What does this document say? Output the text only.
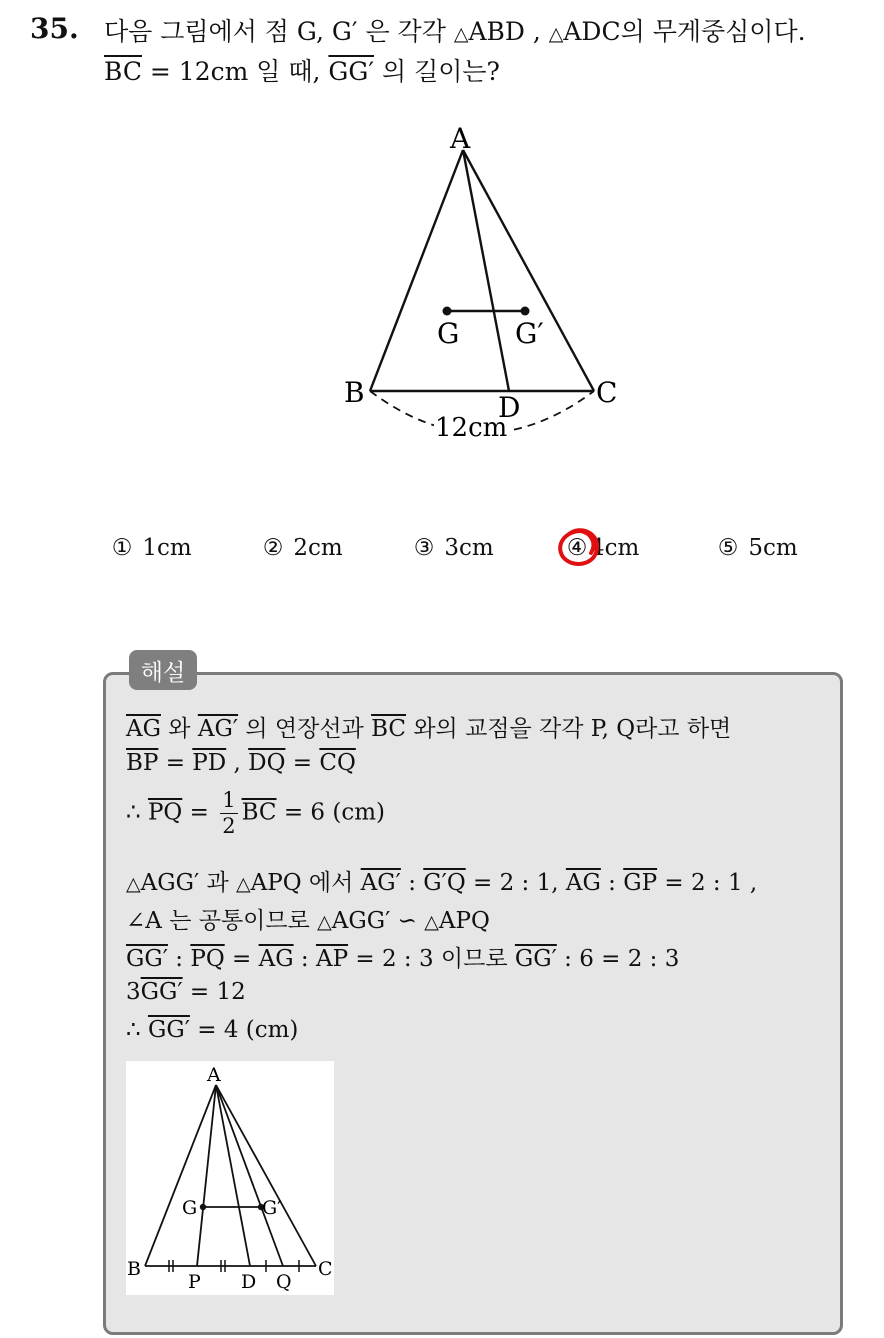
35. 다음 그림에서 점 G, G′ 은 각각 △ABD , △ADC의 무게중심이다.
$\overline{BC} = 12cm$ 일 때, GG′ 의 길이는?
A
B	C
D
G G′
12cm
① 1cm	② 2cm	③ 3cm	④ 4cm	⑤ 5cm
해설
$\overline{AG}$ 와 AG′ 의 연장선과 $\overline{BC}$ 와의 교점을 각각 P, Q라고 하면
$\overline{BP} = \overline{PD}$ , $\overline{DQ} = \overline{CQ}$
∴ $\overline{PQ} = \frac{1}{2} \overline{BC} = 6$ (cm)
△AGG′ 과 △APQ 에서 AG′ : G′Q = 2 : 1, $\overline{AG}$ : $\overline{GP} = 2$ : 1 ,
∠A 는 공통이므로 △AGG′ ∽ △APQ
GG′ : $\overline{PQ} = \overline{AG}$ : $\overline{AP} = 2$ : 3 이므로 GG′ : 6 = 2 : 3
3GG′ = 12
∴ GG′ = 4 (cm)
A
B	C
P D Q
G	G′
